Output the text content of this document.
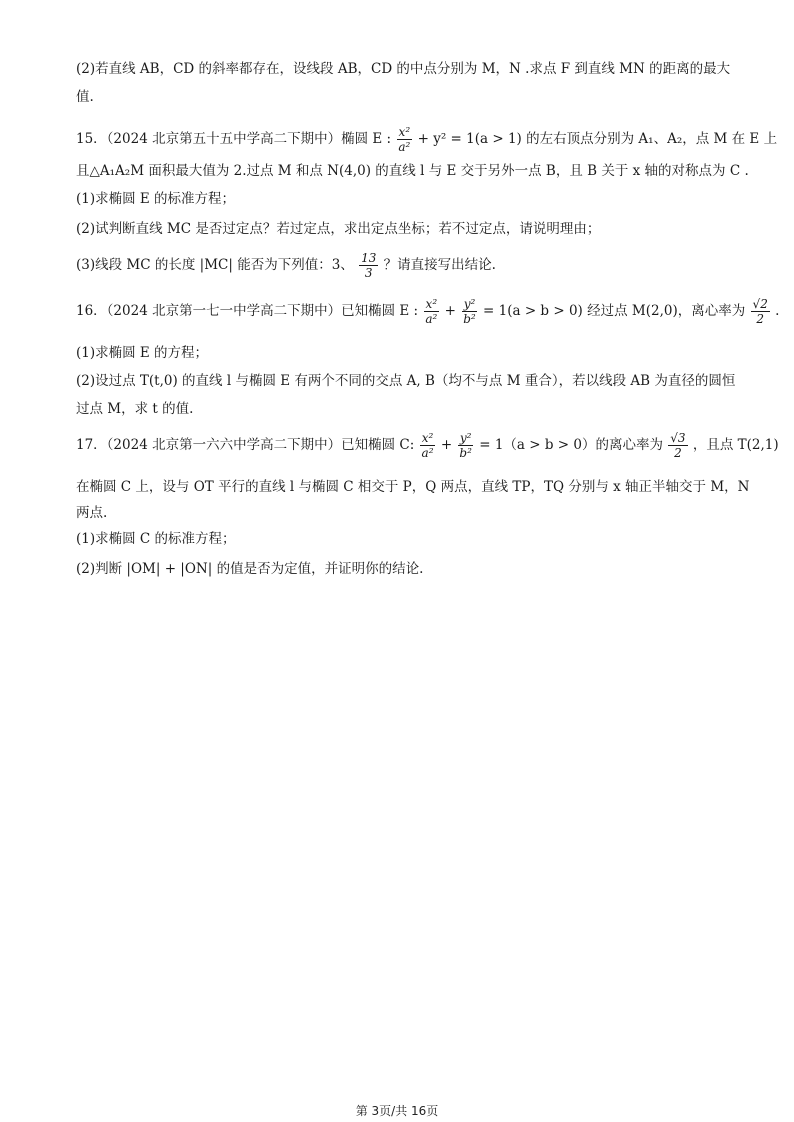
(2)若直线 AB，CD 的斜率都存在，设线段 AB，CD 的中点分别为 M，N .求点 F 到直线 MN 的距离的最大
值.
15．（2024 北京第五十五中学高二下期中）椭圆 E : $\frac{\text{x²}}{\text{a²}} + y^2 = 1(a > 1)$ 的左右顶点分别为 A₁、A₂，点 M 在 E 上
且△A₁A₂M 面积最大值为 2.过点 M 和点 N(4,0) 的直线 l 与 E 交于另外一点 B，且 B 关于 x 轴的对称点为 C .
(1)求椭圆 E 的标准方程；
(2)试判断直线 MC 是否过定点？若过定点，求出定点坐标；若不过定点，请说明理由；
(3)线段 MC 的长度 |MC| 能否为下列值：3、 $\frac{13}{3}$ ？请直接写出结论.
16．（2024 北京第一七一中学高二下期中）已知椭圆 E : $\frac{\text{x²}}{\text{a²}} + \frac{\text{y²}}{\text{b²}} = 1(a > b > 0)$ 经过点 M(2,0)，离心率为 $\frac{√2}{2}$ .
(1)求椭圆 E 的方程；
(2)设过点 T(t,0) 的直线 l 与椭圆 E 有两个不同的交点 A, B（均不与点 M 重合），若以线段 AB 为直径的圆恒
过点 M，求 t 的值.
17．（2024 北京第一六六中学高二下期中）已知椭圆 C: $\frac{\text{x²}}{\text{a²}} + \frac{\text{y²}}{\text{b²}} = 1(a > b > 0)$的离心率为 $\frac{√3}{2}$ ，且点 T(2,1)
在椭圆 C 上，设与 OT 平行的直线 l 与椭圆 C 相交于 P，Q 两点，直线 TP，TQ 分别与 x 轴正半轴交于 M，N
两点.
(1)求椭圆 C 的标准方程；
(2)判断 |OM| + |ON| 的值是否为定值，并证明你的结论.
第 3页/共 16页
